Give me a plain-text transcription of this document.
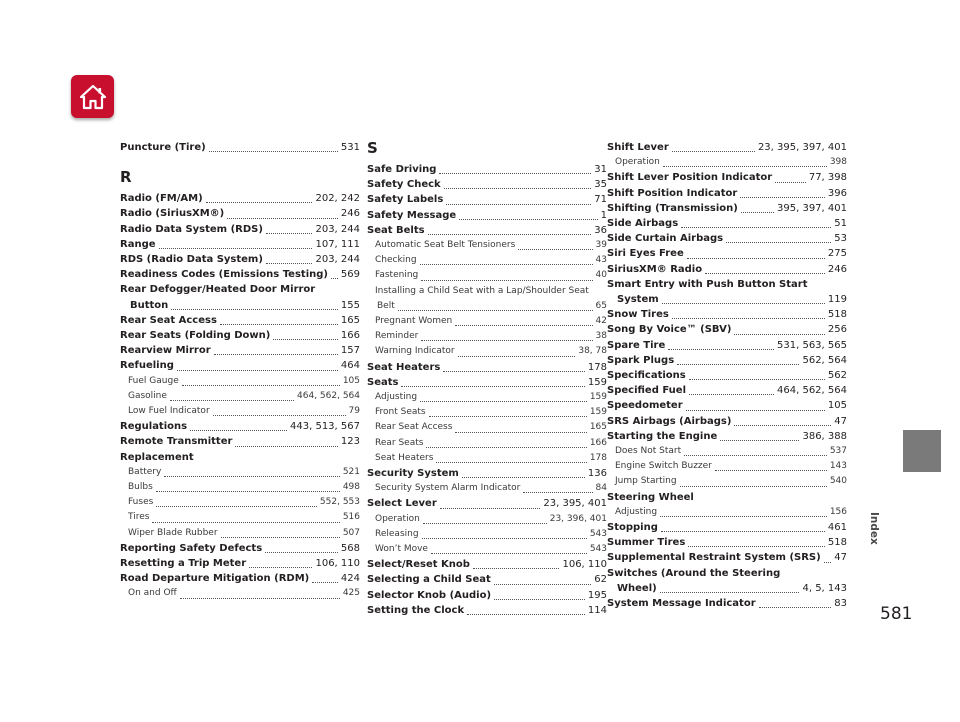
Index
581
Puncture (Tire)	531
R
Radio (FM/AM)	202, 242
Radio (SiriusXM®)	246
Radio Data System (RDS)	203, 244
Range	107, 111
RDS (Radio Data System)	203, 244
Readiness Codes (Emissions Testing) 569
Rear Defogger/Heated Door Mirror
Button	155
Rear Seat Access	165
Rear Seats (Folding Down)	166
Rearview Mirror	157
Refueling	464
Fuel Gauge	105
Gasoline	464, 562, 564
Low Fuel Indicator	79
Regulations	443, 513, 567
Remote Transmitter	123
Replacement
Battery	521
Bulbs	498
Fuses	552, 553
Tires	516
Wiper Blade Rubber	507
Reporting Safety Defects	568
Resetting a Trip Meter	106, 110
Road Departure Mitigation (RDM)	424
On and Off	425
S
Safe Driving	31
Safety Check	35
Safety Labels	71
Safety Message	1
Seat Belts	36
Automatic Seat Belt Tensioners	39
Checking	43
Fastening	40
Installing a Child Seat with a Lap/Shoulder Seat
Belt	65
Pregnant Women	42
Reminder	38
Warning Indicator	38, 78
Seat Heaters	178
Seats	159
Adjusting	159
Front Seats	159
Rear Seat Access	165
Rear Seats	166
Seat Heaters	178
Security System	136
Security System Alarm Indicator	84
Select Lever	23, 395, 401
Operation	23, 396, 401
Releasing	543
Won’t Move	543
Select/Reset Knob	106, 110
Selecting a Child Seat	62
Selector Knob (Audio)	195
Setting the Clock	114
Shift Lever	23, 395, 397, 401
Operation	398
Shift Lever Position Indicator	77, 398
Shift Position Indicator	396
Shifting (Transmission)	395, 397, 401
Side Airbags	51
Side Curtain Airbags	53
Siri Eyes Free	275
SiriusXM® Radio	246
Smart Entry with Push Button Start
System	119
Snow Tires	518
Song By Voice™ (SBV)	256
Spare Tire	531, 563, 565
Spark Plugs	562, 564
Specifications	562
Specified Fuel	464, 562, 564
Speedometer	105
SRS Airbags (Airbags)	47
Starting the Engine	386, 388
Does Not Start	537
Engine Switch Buzzer	143
Jump Starting	540
Steering Wheel
Adjusting	156
Stopping	461
Summer Tires	518
Supplemental Restraint System (SRS) 47
Switches (Around the Steering
Wheel)	4, 5, 143
System Message Indicator	83
